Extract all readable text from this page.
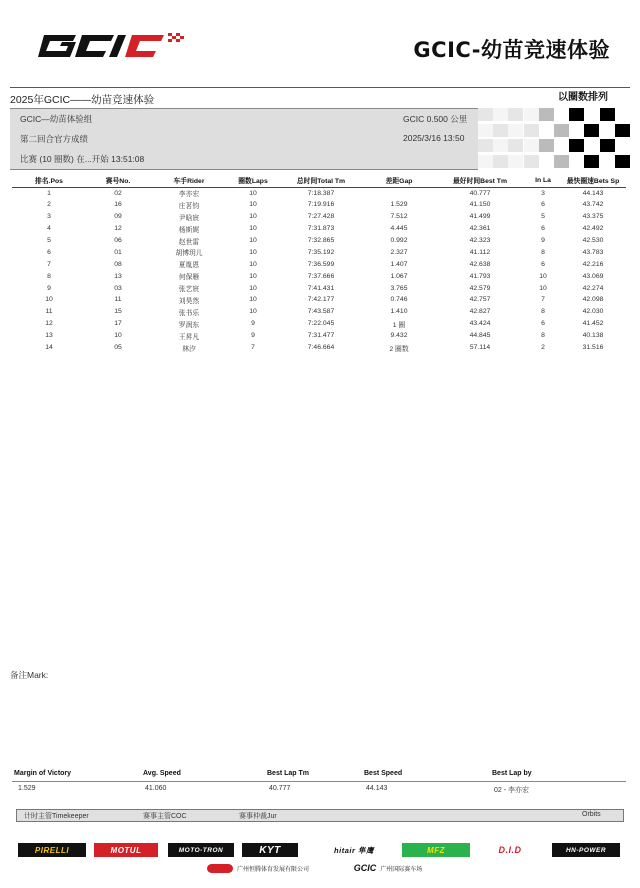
GCIC-幼苗竞速体验
2025年GCIC——幼苗竞速体验	以圈数排列
GCIC—幼苗体验组
第二回合官方成绩
比赛 (10 圈数) 在...开始 13:51:08
GCIC 0.500 公里
2025/3/16 13:50
排名.Pos	赛号No.	车手Rider	圈数Laps	总时间Total Tm	差距Gap	最好时间Best Tm	In La	最快圈速Bets Sp
1	02	李亦宏	10	7:18.387		40.777	3	44.143
2	16	庄茗钧	10	7:19.916	1.529	41.150	6	43.742
3	09	尹晗宸	10	7:27.428	7.512	41.499	5	43.375
4	12	杨斯娓	10	7:31.873	4.445	42.361	6	42.492
5	06	赵世雷	10	7:32.865	0.992	42.323	9	42.530
6	01	胡博玥儿	10	7:35.192	2.327	41.112	8	43.783
7	08	夏胤恩	10	7:36.599	1.407	42.638	6	42.216
8	13	何保雁	10	7:37.666	1.067	41.793	10	43.069
9	03	张艺宸	10	7:41.431	3.765	42.579	10	42.274
10	11	刘昊然	10	7:42.177	0.746	42.757	7	42.098
11	15	张书乐	10	7:43.587	1.410	42.827	8	42.030
12	17	罗润东	9	7:22.045	1 圈	43.424	6	41.452
13	10	王昇凡	9	7:31.477	9.432	44.845	8	40.138
14	05	林汐	7	7:46.664	2 圈数	57.114	2	31.516
备注Mark:
Margin of Victory	Avg. Speed	Best Lap Tm	Best Speed	Best Lap by
1.529	41.060	40.777	44.143	02 - 李亦宏
计时主管Timekeeper	赛事主管COC	赛事仲裁Jur	Orbits
PIRELLI	MOTUL	MOTO-TRON	KYT	hitair 隼鹰	MFZ	D.I.D	HN-POWER
广州恒腾体育发展有限公司	GCIC 广州国际赛车场
